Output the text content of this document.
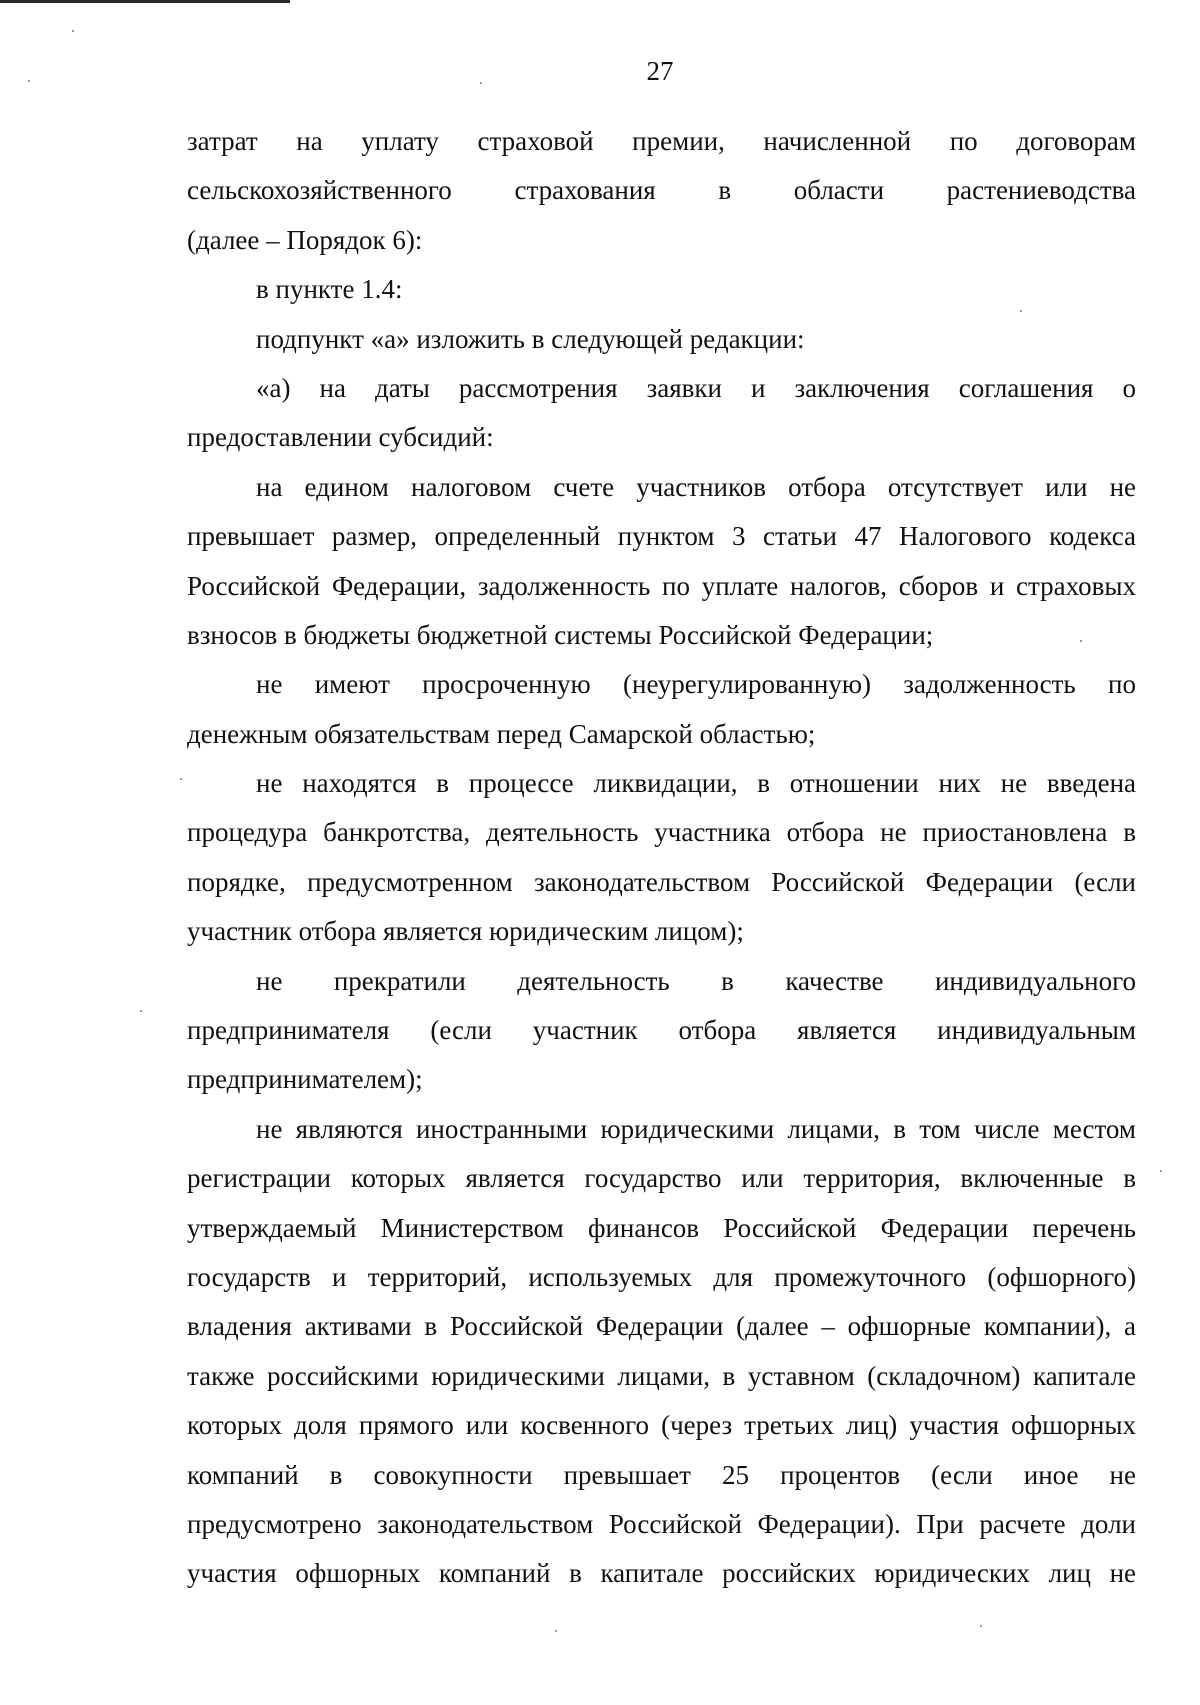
27
затрат на уплату страховой премии, начисленной по договорам
сельскохозяйственного страхования в области растениеводства
(далее – Порядок 6):
в пункте 1.4:
подпункт «а» изложить в следующей редакции:
«а) на даты рассмотрения заявки и заключения соглашения о
предоставлении субсидий:
на едином налоговом счете участников отбора отсутствует или не
превышает размер, определенный пунктом 3 статьи 47 Налогового кодекса
Российской Федерации, задолженность по уплате налогов, сборов и страховых
взносов в бюджеты бюджетной системы Российской Федерации;
не имеют просроченную (неурегулированную) задолженность по
денежным обязательствам перед Самарской областью;
не находятся в процессе ликвидации, в отношении них не введена
процедура банкротства, деятельность участника отбора не приостановлена в
порядке, предусмотренном законодательством Российской Федерации (если
участник отбора является юридическим лицом);
не прекратили деятельность в качестве индивидуального
предпринимателя (если участник отбора является индивидуальным
предпринимателем);
не являются иностранными юридическими лицами, в том числе местом
регистрации которых является государство или территория, включенные в
утверждаемый Министерством финансов Российской Федерации перечень
государств и территорий, используемых для промежуточного (офшорного)
владения активами в Российской Федерации (далее – офшорные компании), а
также российскими юридическими лицами, в уставном (складочном) капитале
которых доля прямого или косвенного (через третьих лиц) участия офшорных
компаний в совокупности превышает 25 процентов (если иное не
предусмотрено законодательством Российской Федерации). При расчете доли
участия офшорных компаний в капитале российских юридических лиц не
